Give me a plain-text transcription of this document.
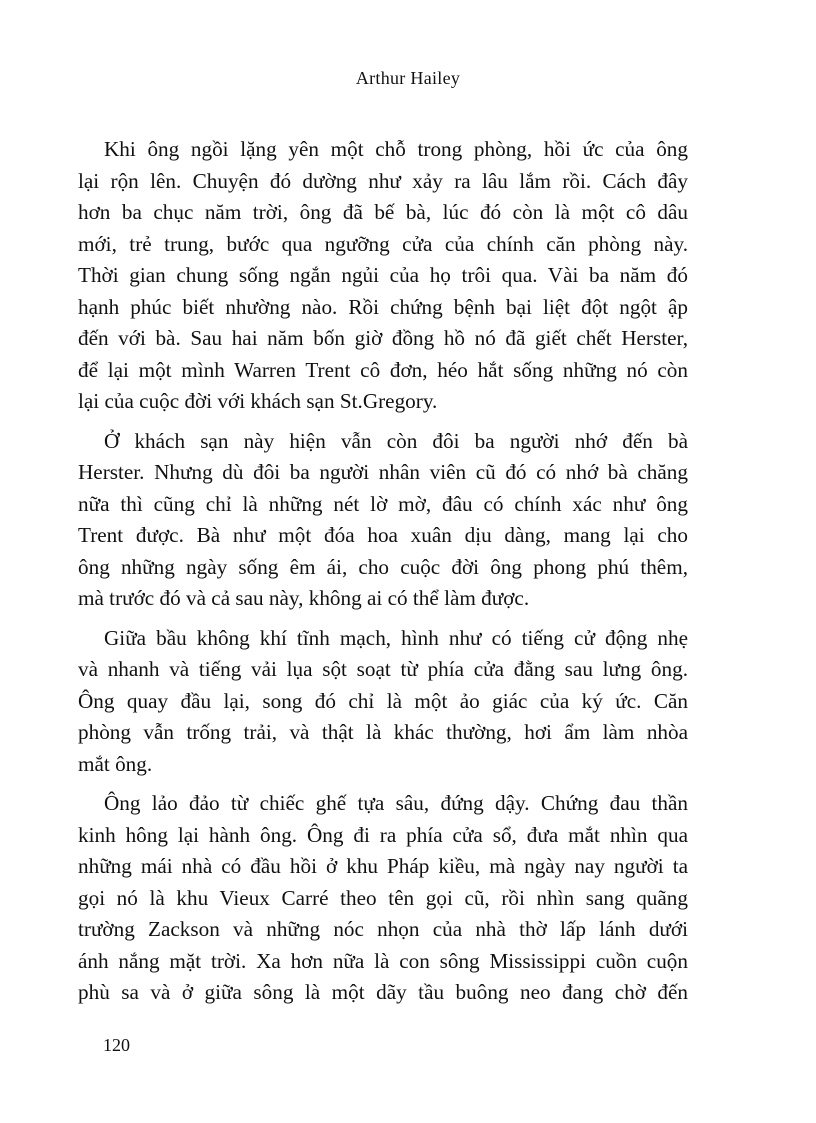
Arthur Hailey
Khi ông ngồi lặng yên một chỗ trong phòng, hồi ức của ông
lại rộn lên. Chuyện đó dường như xảy ra lâu lắm rồi. Cách đây
hơn ba chục năm trời, ông đã bế bà, lúc đó còn là một cô dâu
mới, trẻ trung, bước qua ngưỡng cửa của chính căn phòng này.
Thời gian chung sống ngắn ngủi của họ trôi qua. Vài ba năm đó
hạnh phúc biết nhường nào. Rồi chứng bệnh bại liệt đột ngột ập
đến với bà. Sau hai năm bốn giờ đồng hồ nó đã giết chết Herster,
để lại một mình Warren Trent cô đơn, héo hắt sống những nó còn
lại của cuộc đời với khách sạn St.Gregory.
Ở khách sạn này hiện vẫn còn đôi ba người nhớ đến bà
Herster. Nhưng dù đôi ba người nhân viên cũ đó có nhớ bà chăng
nữa thì cũng chỉ là những nét lờ mờ, đâu có chính xác như ông
Trent được. Bà như một đóa hoa xuân dịu dàng, mang lại cho
ông những ngày sống êm ái, cho cuộc đời ông phong phú thêm,
mà trước đó và cả sau này, không ai có thể làm được.
Giữa bầu không khí tĩnh mạch, hình như có tiếng cử động nhẹ
và nhanh và tiếng vải lụa sột soạt từ phía cửa đằng sau lưng ông.
Ông quay đầu lại, song đó chỉ là một ảo giác của ký ức. Căn
phòng vẫn trống trải, và thật là khác thường, hơi ẩm làm nhòa
mắt ông.
Ông lảo đảo từ chiếc ghế tựa sâu, đứng dậy. Chứng đau thần
kinh hông lại hành ông. Ông đi ra phía cửa sổ, đưa mắt nhìn qua
những mái nhà có đầu hồi ở khu Pháp kiều, mà ngày nay người ta
gọi nó là khu Vieux Carré theo tên gọi cũ, rồi nhìn sang quãng
trường Zackson và những nóc nhọn của nhà thờ lấp lánh dưới
ánh nắng mặt trời. Xa hơn nữa là con sông Mississippi cuồn cuộn
phù sa và ở giữa sông là một dãy tầu buông neo đang chờ đến
120
